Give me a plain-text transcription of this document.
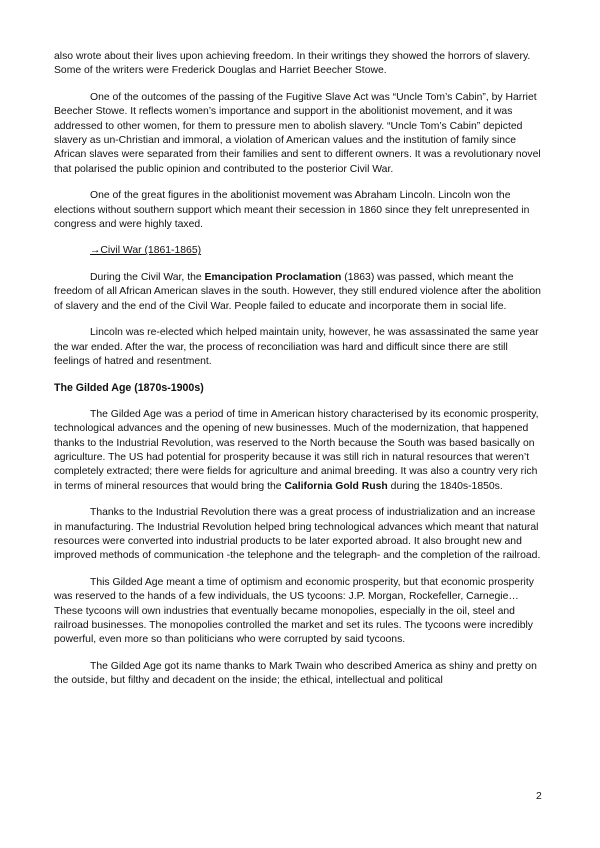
also wrote about their lives upon achieving freedom. In their writings they showed the horrors of slavery. Some of the writers were Frederick Douglas and Harriet Beecher Stowe.

One of the outcomes of the passing of the Fugitive Slave Act was “Uncle Tom’s Cabin”, by Harriet Beecher Stowe. It reflects women’s importance and support in the abolitionist movement, and it was addressed to other women, for them to pressure men to abolish slavery. “Uncle Tom’s Cabin” depicted slavery as un-Christian and immoral, a violation of American values and the institution of family since African slaves were separated from their families and sent to different owners. It was a revolutionary novel that polarised the public opinion and contributed to the posterior Civil War.

One of the great figures in the abolitionist movement was Abraham Lincoln. Lincoln won the elections without southern support which meant their secession in 1860 since they felt unrepresented in congress and were highly taxed.

→Civil War (1861-1865)

During the Civil War, the Emancipation Proclamation (1863) was passed, which meant the freedom of all African American slaves in the south. However, they still endured violence after the abolition of slavery and the end of the Civil War. People failed to educate and incorporate them in social life.

Lincoln was re-elected which helped maintain unity, however, he was assassinated the same year the war ended. After the war, the process of reconciliation was hard and difficult since there are still feelings of hatred and resentment.

The Gilded Age (1870s-1900s)

The Gilded Age was a period of time in American history characterised by its economic prosperity, technological advances and the opening of new businesses. Much of the modernization, that happened thanks to the Industrial Revolution, was reserved to the North because the South was based basically on agriculture. The US had potential for prosperity because it was still rich in natural resources that weren’t completely extracted; there were fields for agriculture and animal breeding. It was also a country very rich in terms of mineral resources that would bring the California Gold Rush during the 1840s-1850s.

Thanks to the Industrial Revolution there was a great process of industrialization and an increase in manufacturing. The Industrial Revolution helped bring technological advances which meant that natural resources were converted into industrial products to be later exported abroad. It also brought new and improved methods of communication -the telephone and the telegraph- and the completion of the railroad.

This Gilded Age meant a time of optimism and economic prosperity, but that economic prosperity was reserved to the hands of a few individuals, the US tycoons: J.P. Morgan, Rockefeller, Carnegie… These tycoons will own industries that eventually became monopolies, especially in the oil, steel and railroad businesses. The monopolies controlled the market and set its rules. The tycoons were incredibly powerful, even more so than politicians who were corrupted by said tycoons.

The Gilded Age got its name thanks to Mark Twain who described America as shiny and pretty on the outside, but filthy and decadent on the inside; the ethical, intellectual and political

2
